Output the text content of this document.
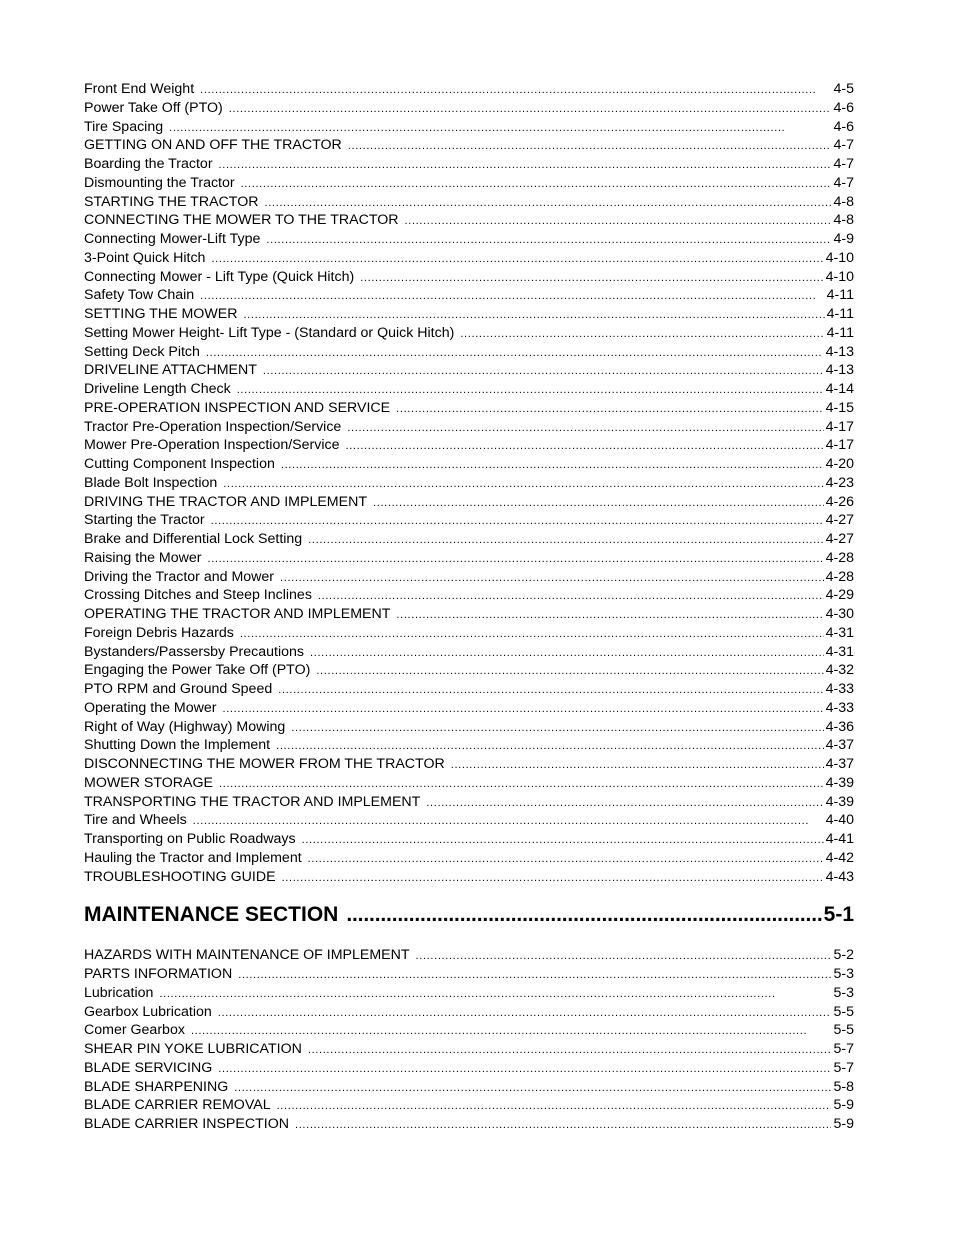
Front End Weight . . .	4-5
Power Take Off (PTO) . . .	4-6
Tire Spacing . . .	4-6
GETTING ON AND OFF THE TRACTOR . . .	4-7
Boarding the Tractor . . .	4-7
Dismounting the Tractor . . .	4-7
STARTING THE TRACTOR . . .	4-8
CONNECTING THE MOWER TO THE TRACTOR . . .	4-8
Connecting Mower-Lift Type . . .	4-9
3-Point Quick Hitch . . .	4-10
Connecting Mower - Lift Type (Quick Hitch) . . .	4-10
Safety Tow Chain . . .	4-11
SETTING THE MOWER . . .	4-11
Setting Mower Height- Lift Type - (Standard or Quick Hitch) . . .	4-11
Setting Deck Pitch . . .	4-13
DRIVELINE ATTACHMENT . . .	4-13
Driveline Length Check . . .	4-14
PRE-OPERATION INSPECTION AND SERVICE . . .	4-15
Tractor Pre-Operation Inspection/Service . . .	4-17
Mower Pre-Operation Inspection/Service . . .	4-17
Cutting Component Inspection . . .	4-20
Blade Bolt Inspection . . .	4-23
DRIVING THE TRACTOR AND IMPLEMENT . . .	4-26
Starting the Tractor . . .	4-27
Brake and Differential Lock Setting . . .	4-27
Raising the Mower . . .	4-28
Driving the Tractor and Mower . . .	4-28
Crossing Ditches and Steep Inclines . . .	4-29
OPERATING THE TRACTOR AND IMPLEMENT . . .	4-30
Foreign Debris Hazards . . .	4-31
Bystanders/Passersby Precautions . . .	4-31
Engaging the Power Take Off (PTO) . . .	4-32
PTO RPM and Ground Speed . . .	4-33
Operating the Mower . . .	4-33
Right of Way (Highway) Mowing . . .	4-36
Shutting Down the Implement . . .	4-37
DISCONNECTING THE MOWER FROM THE TRACTOR . . .	4-37
MOWER STORAGE . . .	4-39
TRANSPORTING THE TRACTOR AND IMPLEMENT . . .	4-39
Tire and Wheels . . .	4-40
Transporting on Public Roadways . . .	4-41
Hauling the Tractor and Implement . . .	4-42
TROUBLESHOOTING GUIDE . . .	4-43
MAINTENANCE SECTION . . .	5-1
HAZARDS WITH MAINTENANCE OF IMPLEMENT . . .	5-2
PARTS INFORMATION . . .	5-3
Lubrication . . .	5-3
Gearbox Lubrication . . .	5-5
Comer Gearbox . . .	5-5
SHEAR PIN YOKE LUBRICATION . . .	5-7
BLADE SERVICING . . .	5-7
BLADE SHARPENING . . .	5-8
BLADE CARRIER REMOVAL . . .	5-9
BLADE CARRIER INSPECTION . . .	5-9
